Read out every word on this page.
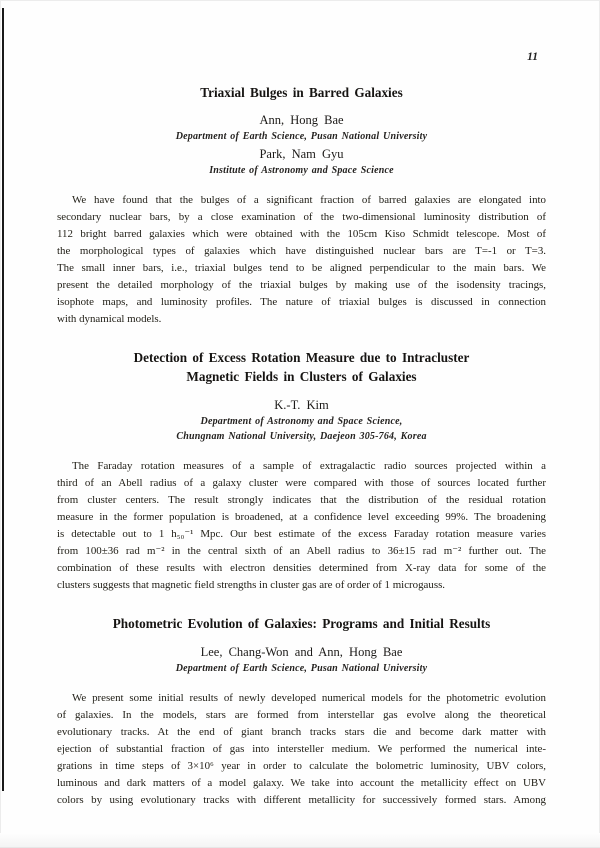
11
Triaxial Bulges in Barred Galaxies
Ann, Hong Bae
Department of Earth Science, Pusan National University
Park, Nam Gyu
Institute of Astronomy and Space Science
We have found that the bulges of a significant fraction of barred galaxies are elongated into
secondary nuclear bars, by a close examination of the two-dimensional luminosity distribution of
112 bright barred galaxies which were obtained with the 105cm Kiso Schmidt telescope. Most of
the morphological types of galaxies which have distinguished nuclear bars are T=-1 or T=3.
The small inner bars, i.e., triaxial bulges tend to be aligned perpendicular to the main bars. We
present the detailed morphology of the triaxial bulges by making use of the isodensity tracings,
isophote maps, and luminosity profiles. The nature of triaxial bulges is discussed in connection
with dynamical models.
Detection of Excess Rotation Measure due to Intracluster
Magnetic Fields in Clusters of Galaxies
K.-T. Kim
Department of Astronomy and Space Science,
Chungnam National University, Daejeon 305-764, Korea
The Faraday rotation measures of a sample of extragalactic radio sources projected within a
third of an Abell radius of a galaxy cluster were compared with those of sources located further
from cluster centers. The result strongly indicates that the distribution of the residual rotation
measure in the former population is broadened, at a confidence level exceeding 99%. The broadening
is detectable out to 1 h₅₀⁻¹ Mpc. Our best estimate of the excess Faraday rotation measure varies
from 100±36 rad m⁻² in the central sixth of an Abell radius to 36±15 rad m⁻² further out. The
combination of these results with electron densities determined from X-ray data for some of the
clusters suggests that magnetic field strengths in cluster gas are of order of 1 microgauss.
Photometric Evolution of Galaxies: Programs and Initial Results
Lee, Chang-Won and Ann, Hong Bae
Department of Earth Science, Pusan National University
We present some initial results of newly developed numerical models for the photometric evolution
of galaxies. In the models, stars are formed from interstellar gas evolve along the theoretical
evolutionary tracks. At the end of giant branch tracks stars die and become dark matter with
ejection of substantial fraction of gas into intersteller medium. We performed the numerical inte-
grations in time steps of 3×10⁶ year in order to calculate the bolometric luminosity, UBV colors,
luminous and dark matters of a model galaxy. We take into account the metallicity effect on UBV
colors by using evolutionary tracks with different metallicity for successively formed stars. Among
